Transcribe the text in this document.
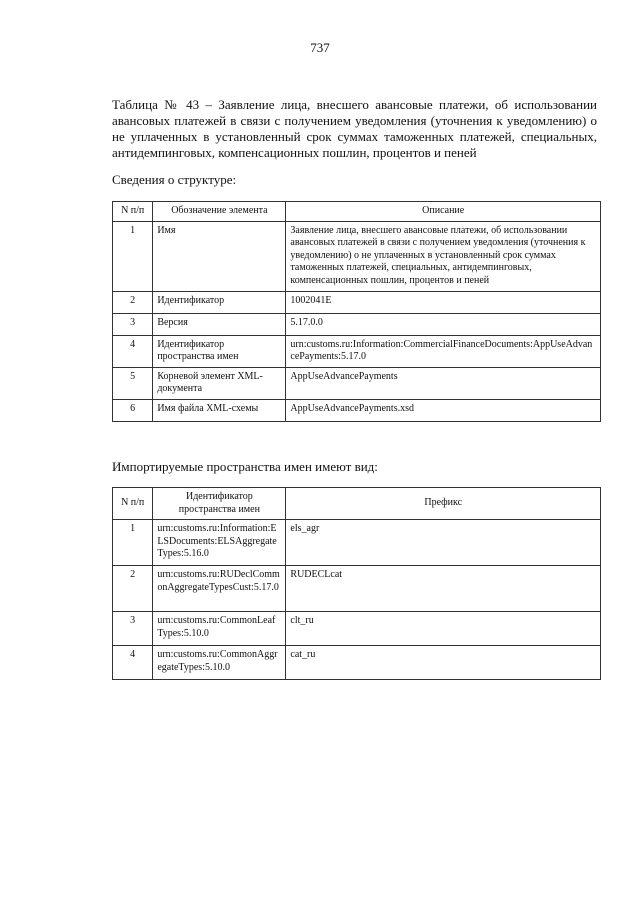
737

Таблица № 43 – Заявление лица, внесшего авансовые платежи, об использовании авансовых платежей в связи с получением уведомления (уточнения к уведомлению) о не уплаченных в установленный срок суммах таможенных платежей, специальных, антидемпинговых, компенсационных пошлин, процентов и пеней

Сведения о структуре:

N п/п	Обозначение элемента	Описание
1	Имя	Заявление лица, внесшего авансовые платежи, об использовании авансовых платежей в связи с получением уведомления (уточнения к уведомлению) о не уплаченных в установленный срок суммах таможенных платежей, специальных, антидемпинговых, компенсационных пошлин, процентов и пеней
2	Идентификатор	1002041E
3	Версия	5.17.0.0
4	Идентификатор пространства имен	urn:customs.ru:Information:CommercialFinanceDocuments:AppUseAdvancePayments:5.17.0
5	Корневой элемент XML-документа	AppUseAdvancePayments
6	Имя файла XML-схемы	AppUseAdvancePayments.xsd

Импортируемые пространства имен имеют вид:

N п/п	Идентификатор пространства имен	Префикс
1	urn:customs.ru:Information:ELSDocuments:ELSAggregateTypes:5.16.0	els_agr
2	urn:customs.ru:RUDeclCommonAggregateTypesCust:5.17.0	RUDECLcat
3	urn:customs.ru:CommonLeafTypes:5.10.0	clt_ru
4	urn:customs.ru:CommonAggregateTypes:5.10.0	cat_ru
